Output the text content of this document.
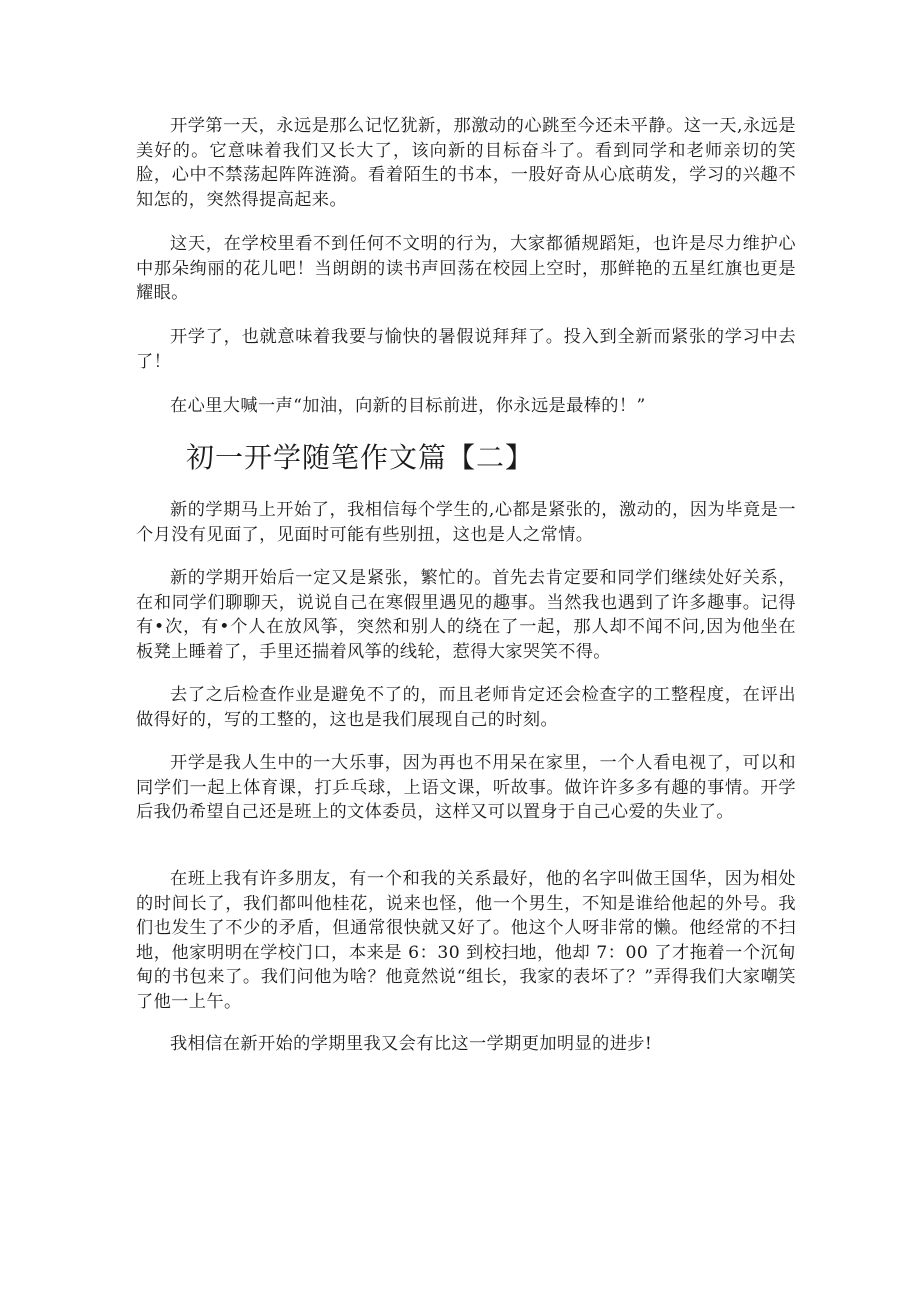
开学第一天，永远是那么记忆犹新，那激动的心跳至今还未平静。这一天,永远是美好的。它意味着我们又长大了，该向新的目标奋斗了。看到同学和老师亲切的笑脸，心中不禁荡起阵阵涟漪。看着陌生的书本，一股好奇从心底萌发，学习的兴趣不知怎的，突然得提高起来。

这天，在学校里看不到任何不文明的行为，大家都循规蹈矩，也许是尽力维护心中那朵绚丽的花儿吧！当朗朗的读书声回荡在校园上空时，那鲜艳的五星红旗也更是耀眼。

开学了，也就意味着我要与愉快的暑假说拜拜了。投入到全新而紧张的学习中去了！

在心里大喊一声“加油，向新的目标前进，你永远是最棒的！”

初一开学随笔作文篇【二】

新的学期马上开始了，我相信每个学生的,心都是紧张的，激动的，因为毕竟是一个月没有见面了，见面时可能有些别扭，这也是人之常情。

新的学期开始后一定又是紧张，繁忙的。首先去肯定要和同学们继续处好关系，在和同学们聊聊天，说说自己在寒假里遇见的趣事。当然我也遇到了许多趣事。记得有•次，有•个人在放风筝，突然和别人的绕在了一起，那人却不闻不问,因为他坐在板凳上睡着了，手里还揣着风筝的线轮，惹得大家哭笑不得。

去了之后检查作业是避免不了的，而且老师肯定还会检查字的工整程度，在评出做得好的，写的工整的，这也是我们展现自己的时刻。

开学是我人生中的一大乐事，因为再也不用呆在家里，一个人看电视了，可以和同学们一起上体育课，打乒乓球，上语文课，听故事。做许许多多有趣的事情。开学后我仍希望自己还是班上的文体委员，这样又可以置身于自己心爱的失业了。

在班上我有许多朋友，有一个和我的关系最好，他的名字叫做王国华，因为相处的时间长了，我们都叫他桂花，说来也怪，他一个男生，不知是谁给他起的外号。我们也发生了不少的矛盾，但通常很快就又好了。他这个人呀非常的懒。他经常的不扫地，他家明明在学校门口，本来是 6：30 到校扫地，他却 7：00 了才拖着一个沉甸甸的书包来了。我们问他为啥？他竟然说“组长，我家的表坏了？”弄得我们大家嘲笑了他一上午。

我相信在新开始的学期里我又会有比这一学期更加明显的进步!
